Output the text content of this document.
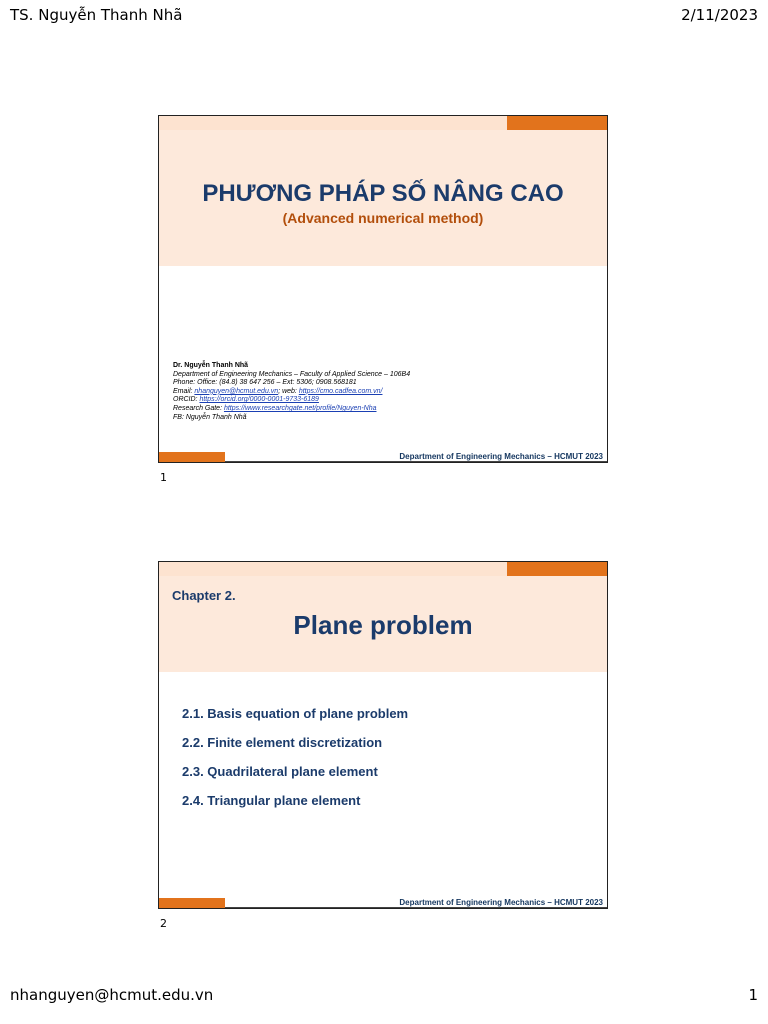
TS. Nguyễn Thanh Nhã	2/11/2023
PHƯƠNG PHÁP SỐ NÂNG CAO
(Advanced numerical method)
Dr. Nguyễn Thanh Nhã
Department of Engineering Mechanics – Faculty of Applied Science – 106B4
Phone: Office: (84.8) 38 647 256 – Ext: 5306; 0908.568181
Email: nhanguyen@hcmut.edu.vn; web: https://cmo.cadfea.com.vn/
ORCID: https://orcid.org/0000-0001-9733-6189
Research Gate: https://www.researchgate.net/profile/Nguyen-Nha
FB: Nguyễn Thanh Nhã
Department of Engineering Mechanics – HCMUT 2023
1
Chapter 2.
Plane problem
2.1. Basis equation of plane problem
2.2. Finite element discretization
2.3. Quadrilateral plane element
2.4. Triangular plane element
Department of Engineering Mechanics – HCMUT 2023
2
nhanguyen@hcmut.edu.vn	1
